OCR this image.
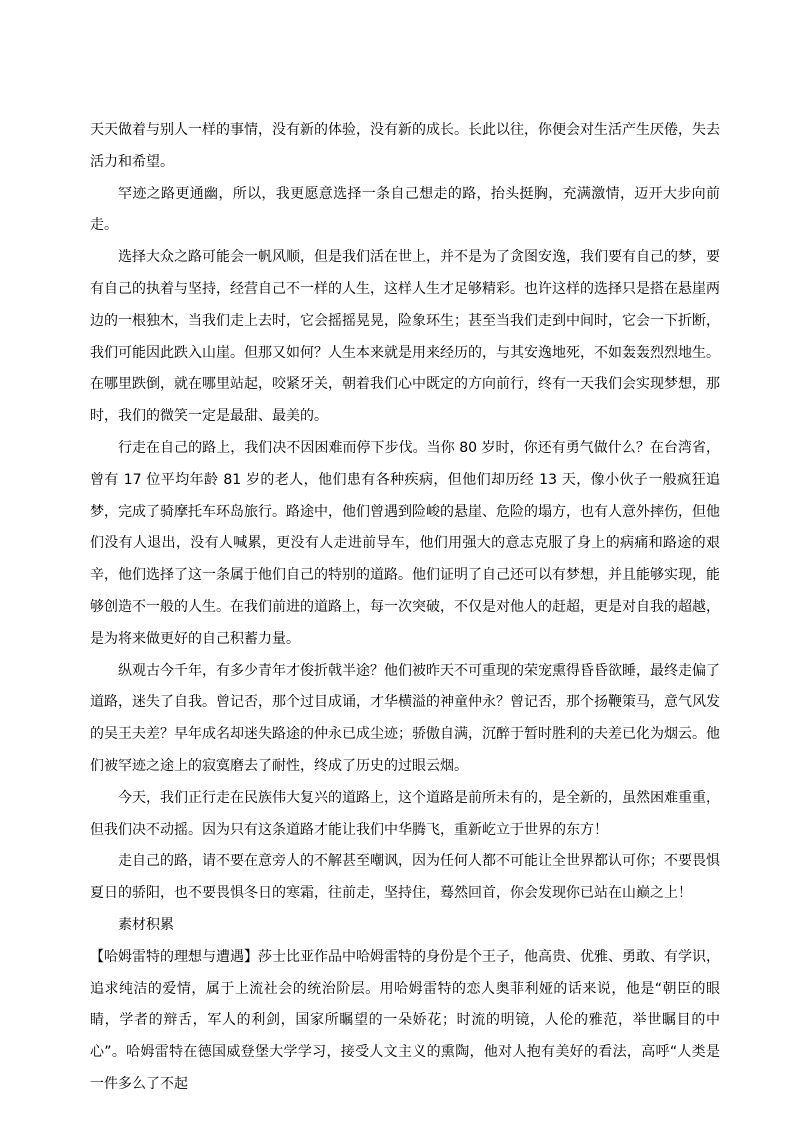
天天做着与别人一样的事情，没有新的体验，没有新的成长。长此以往，你便会对生活产生厌倦，失去活力和希望。

罕迹之路更通幽，所以，我更愿意选择一条自己想走的路，抬头挺胸，充满激情，迈开大步向前走。

选择大众之路可能会一帆风顺，但是我们活在世上，并不是为了贪图安逸，我们要有自己的梦，要有自己的执着与坚持，经营自己不一样的人生，这样人生才足够精彩。也许这样的选择只是搭在悬崖两边的一根独木，当我们走上去时，它会摇摇晃晃，险象环生；甚至当我们走到中间时，它会一下折断，我们可能因此跌入山崖。但那又如何？人生本来就是用来经历的，与其安逸地死，不如轰轰烈烈地生。在哪里跌倒，就在哪里站起，咬紧牙关，朝着我们心中既定的方向前行，终有一天我们会实现梦想，那时，我们的微笑一定是最甜、最美的。

行走在自己的路上，我们决不因困难而停下步伐。当你 80 岁时，你还有勇气做什么？在台湾省，曾有 17 位平均年龄 81 岁的老人，他们患有各种疾病，但他们却历经 13 天，像小伙子一般疯狂追梦，完成了骑摩托车环岛旅行。路途中，他们曾遇到险峻的悬崖、危险的塌方，也有人意外摔伤，但他们没有人退出，没有人喊累，更没有人走进前导车，他们用强大的意志克服了身上的病痛和路途的艰辛，他们选择了这一条属于他们自己的特别的道路。他们证明了自己还可以有梦想，并且能够实现，能够创造不一般的人生。在我们前进的道路上，每一次突破，不仅是对他人的赶超，更是对自我的超越，是为将来做更好的自己积蓄力量。

纵观古今千年，有多少青年才俊折戟半途？他们被昨天不可重现的荣宠熏得昏昏欲睡，最终走偏了道路，迷失了自我。曾记否，那个过目成诵，才华横溢的神童仲永？曾记否，那个扬鞭策马，意气风发的吴王夫差？早年成名却迷失路途的仲永已成尘迹；骄傲自满，沉醉于暂时胜利的夫差已化为烟云。他们被罕迹之途上的寂寞磨去了耐性，终成了历史的过眼云烟。

今天，我们正行走在民族伟大复兴的道路上，这个道路是前所未有的，是全新的，虽然困难重重，但我们决不动摇。因为只有这条道路才能让我们中华腾飞，重新屹立于世界的东方！

走自己的路，请不要在意旁人的不解甚至嘲讽，因为任何人都不可能让全世界都认可你；不要畏惧夏日的骄阳，也不要畏惧冬日的寒霜，往前走，坚持住，蓦然回首，你会发现你已站在山巅之上！

素材积累

【哈姆雷特的理想与遭遇】莎士比亚作品中哈姆雷特的身份是个王子，他高贵、优雅、勇敢、有学识，追求纯洁的爱情，属于上流社会的统治阶层。用哈姆雷特的恋人奥菲利娅的话来说，他是“朝臣的眼睛，学者的辩舌，军人的利剑，国家所瞩望的一朵娇花；时流的明镜，人伦的雅范，举世瞩目的中心”。哈姆雷特在德国威登堡大学学习，接受人文主义的熏陶，他对人抱有美好的看法，高呼“人类是一件多么了不起
